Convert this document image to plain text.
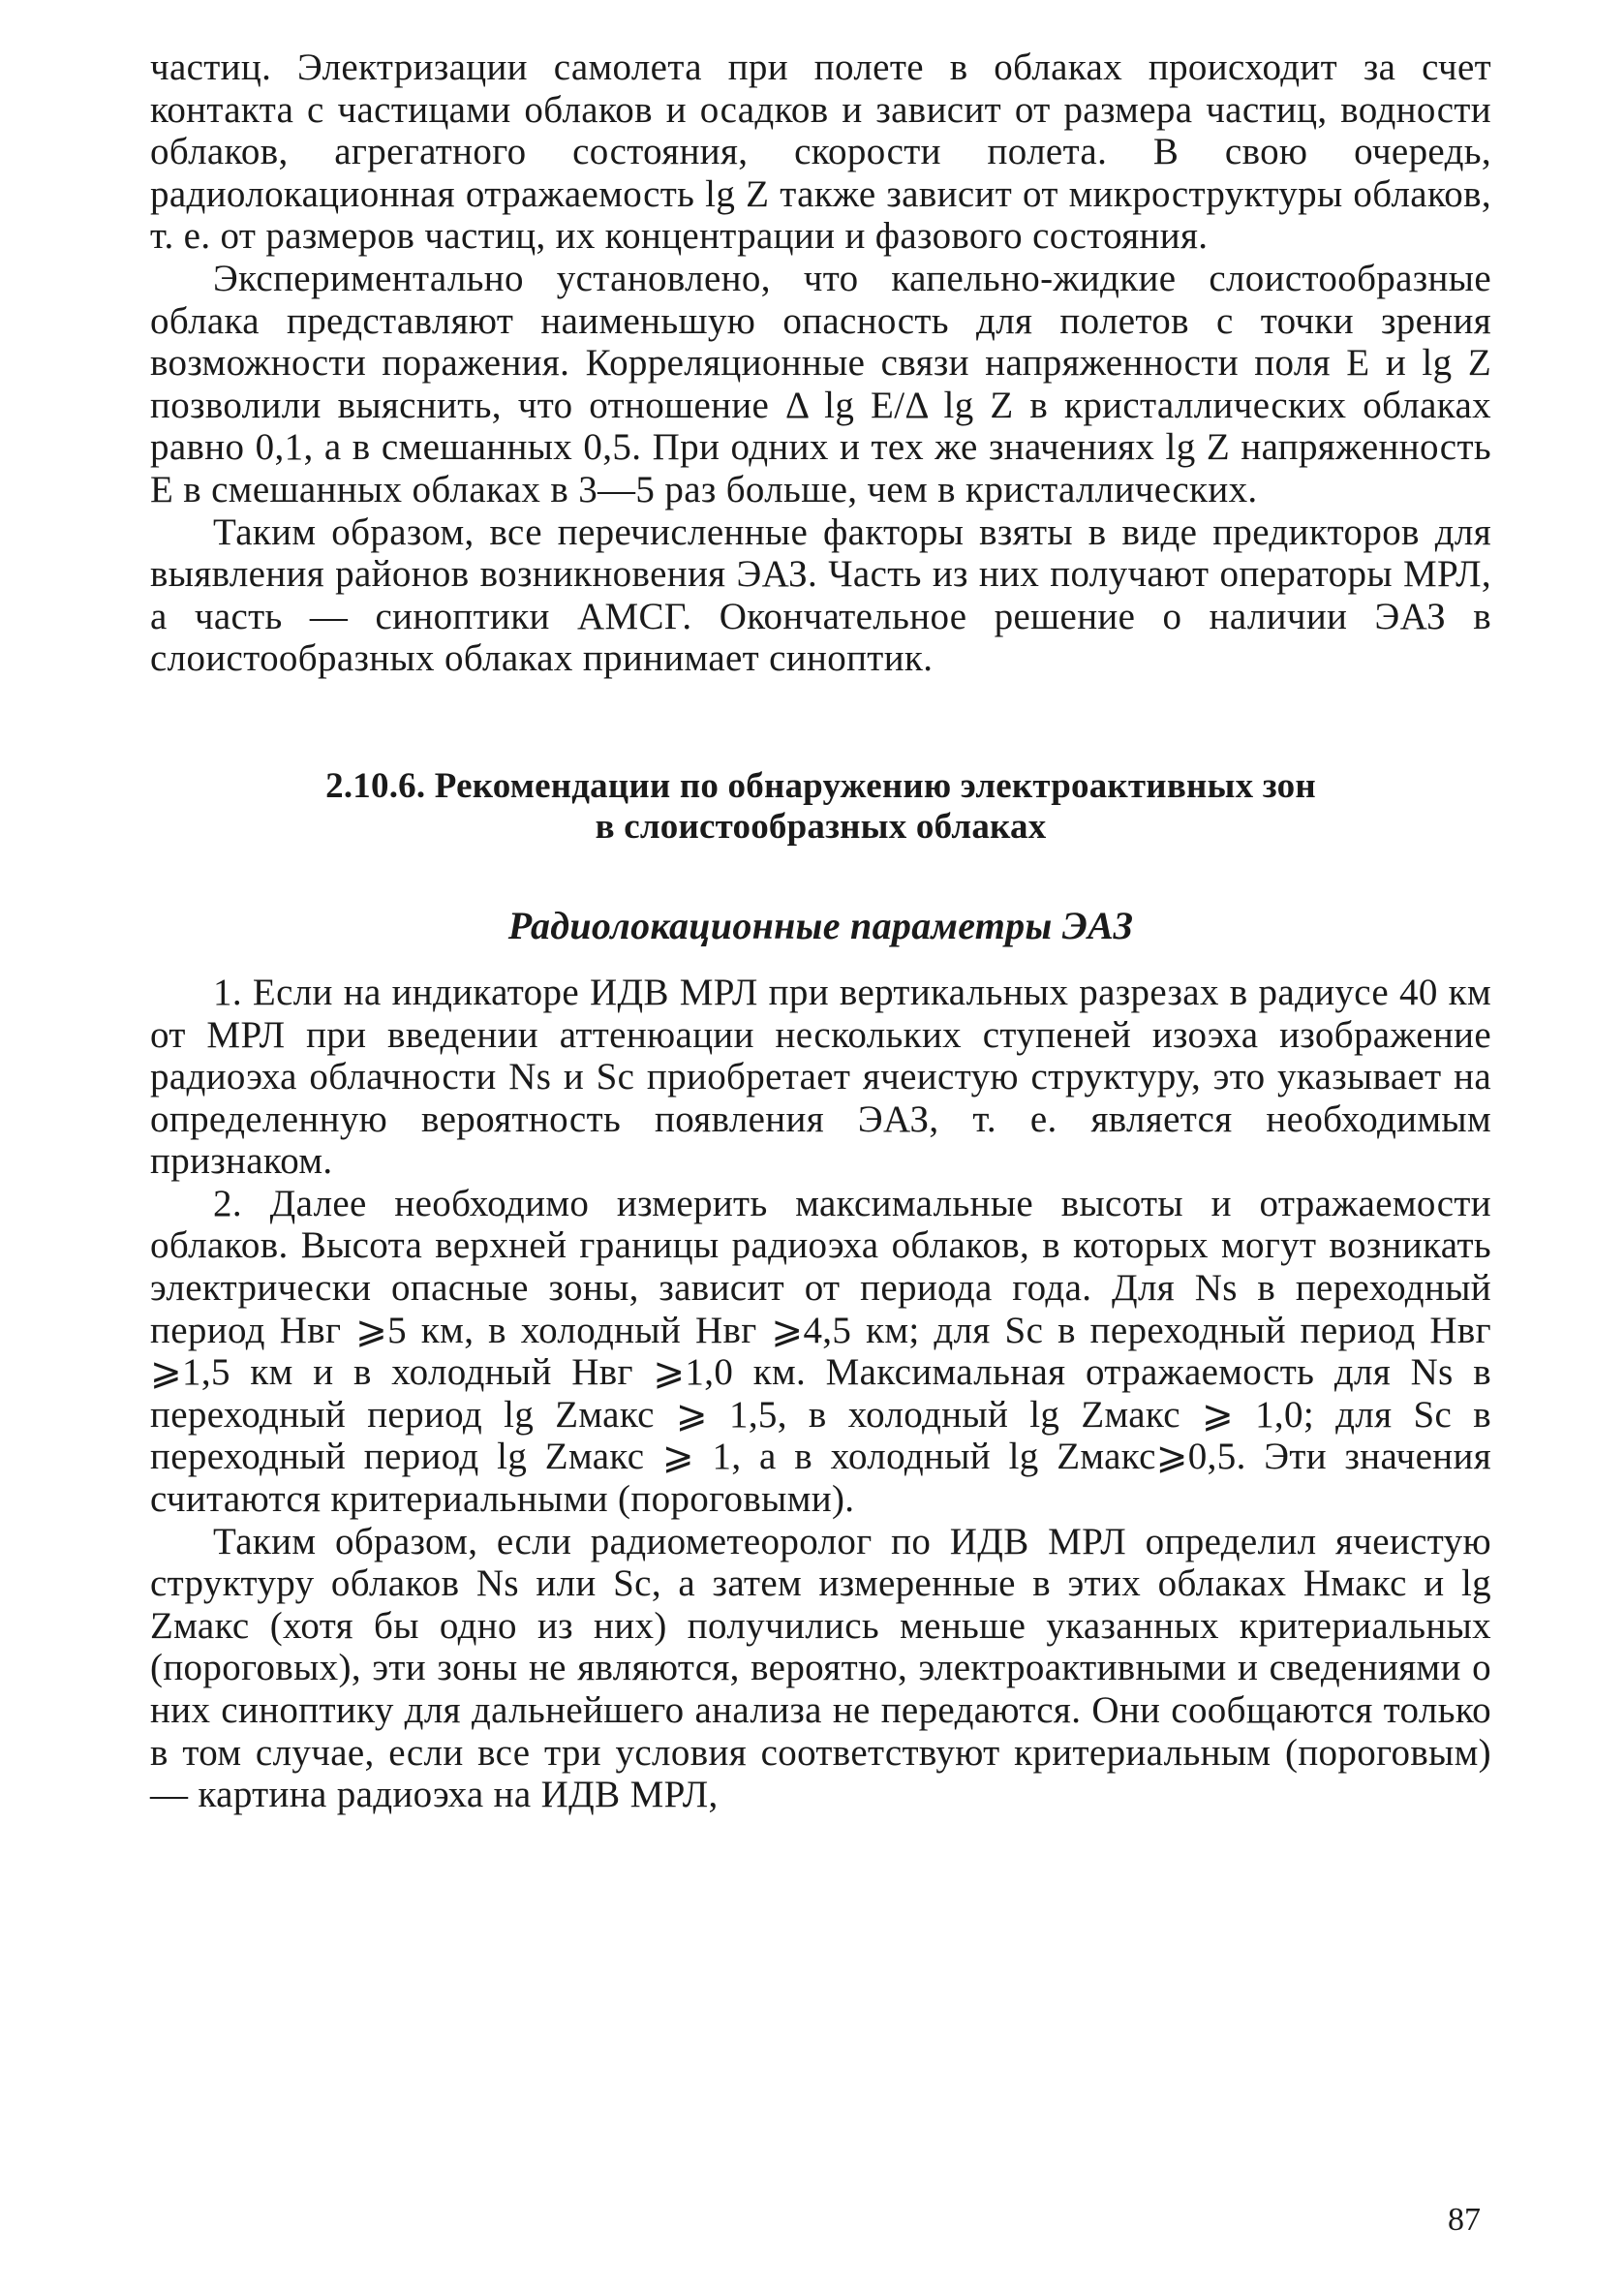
частиц. Электризации самолета при полете в облаках происходит за счет контакта с частицами облаков и осадков и зависит от размера частиц, водности облаков, агрегатного состояния, скорости полета. В свою очередь, радиолокационная отражаемость lg Z также зависит от микроструктуры облаков, т. е. от размеров частиц, их концентрации и фазового состояния.

Экспериментально установлено, что капельно-жидкие слоистообразные облака представляют наименьшую опасность для полетов с точки зрения возможности поражения. Корреляционные связи напряженности поля E и lg Z позволили выяснить, что отношение Δ lg E/Δ lg Z в кристаллических облаках равно 0,1, а в смешанных 0,5. При одних и тех же значениях lg Z напряженность E в смешанных облаках в 3—5 раз больше, чем в кристаллических.

Таким образом, все перечисленные факторы взяты в виде предикторов для выявления районов возникновения ЭАЗ. Часть из них получают операторы МРЛ, а часть — синоптики АМСГ. Окончательное решение о наличии ЭАЗ в слоистообразных облаках принимает синоптик.

2.10.6. Рекомендации по обнаружению электроактивных зон
в слоистообразных облаках
Радиолокационные параметры ЭАЗ

1. Если на индикаторе ИДВ МРЛ при вертикальных разрезах в радиусе 40 км от МРЛ при введении аттенюации нескольких ступеней изоэха изображение радиоэха облачности Ns и Sc приобретает ячеистую структуру, это указывает на определенную вероятность появления ЭАЗ, т. е. является необходимым признаком.

2. Далее необходимо измерить максимальные высоты и отражаемости облаков. Высота верхней границы радиоэха облаков, в которых могут возникать электрически опасные зоны, зависит от периода года. Для Ns в переходный период Hвг ⩾5 км, в холодный Hвг ⩾4,5 км; для Sc в переходный период Hвг ⩾1,5 км и в холодный Hвг ⩾1,0 км. Максимальная отражаемость для Ns в переходный период lg Zмакс ⩾ 1,5, в холодный lg Zмакс ⩾ 1,0; для Sc в переходный период lg Zмакс ⩾ 1, а в холодный lg Zмакс⩾0,5. Эти значения считаются критериальными (пороговыми).

Таким образом, если радиометеоролог по ИДВ МРЛ определил ячеистую структуру облаков Ns или Sc, а затем измеренные в этих облаках Hмакс и lg Zмакс (хотя бы одно из них) получились меньше указанных критериальных (пороговых), эти зоны не являются, вероятно, электроактивными и сведениями о них синоптику для дальнейшего анализа не передаются. Они сообщаются только в том случае, если все три условия соответствуют критериальным (пороговым) — картина радиоэха на ИДВ МРЛ,

87
